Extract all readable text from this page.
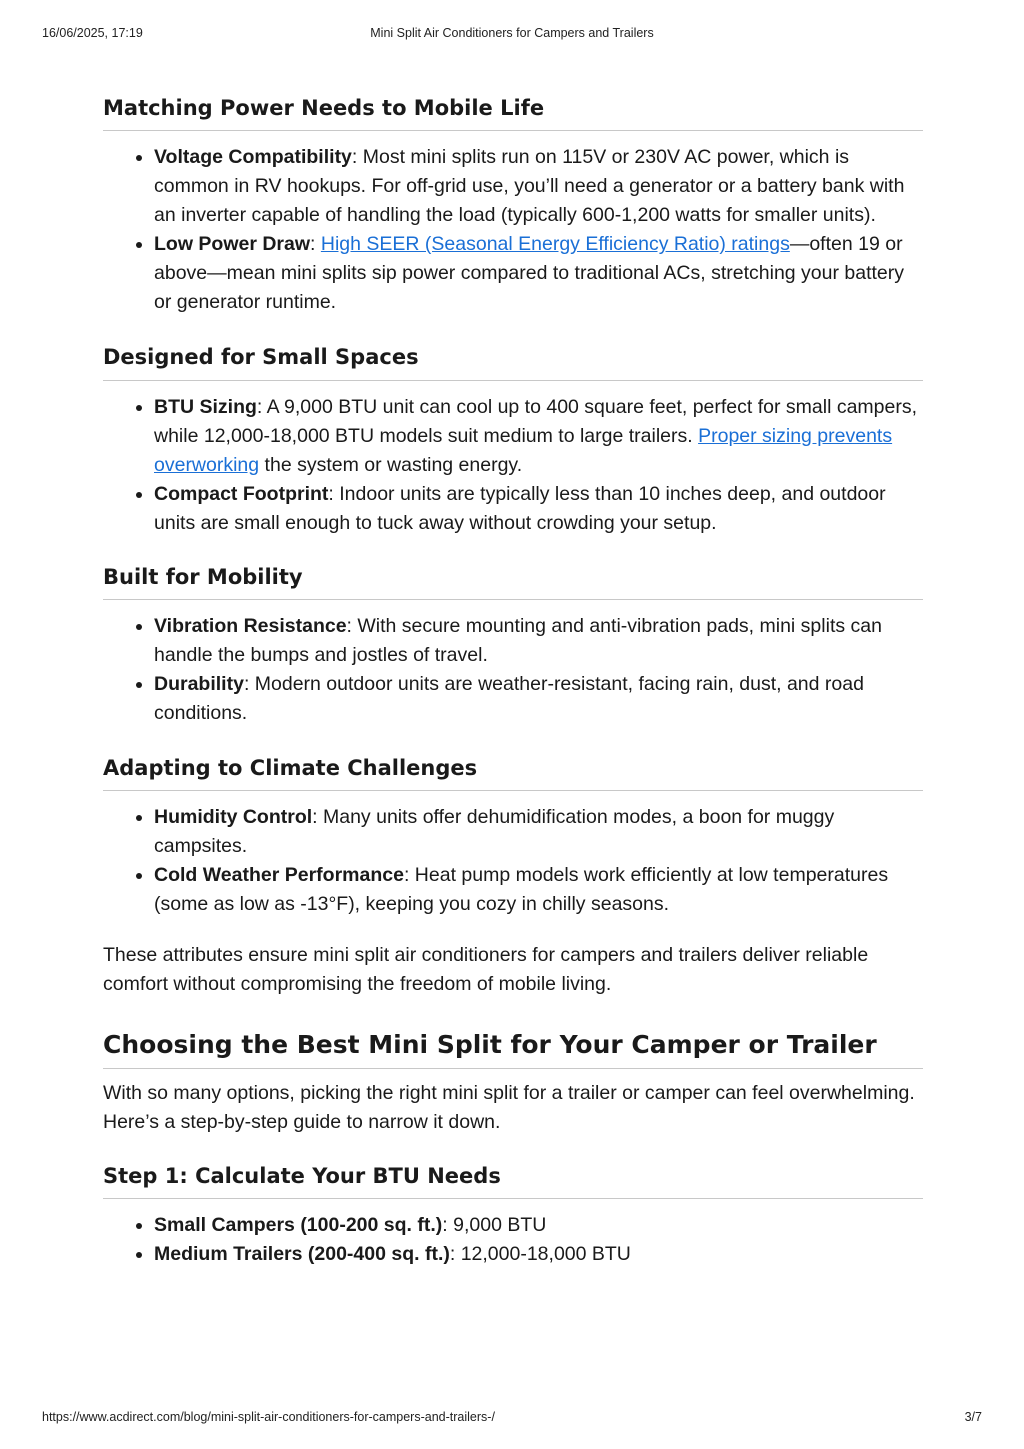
16/06/2025, 17:19	Mini Split Air Conditioners for Campers and Trailers
Matching Power Needs to Mobile Life
• Voltage Compatibility: Most mini splits run on 115V or 230V AC power, which is common in RV hookups. For off-grid use, you’ll need a generator or a battery bank with an inverter capable of handling the load (typically 600-1,200 watts for smaller units).
• Low Power Draw: High SEER (Seasonal Energy Efficiency Ratio) ratings—often 19 or above—mean mini splits sip power compared to traditional ACs, stretching your battery or generator runtime.
Designed for Small Spaces
• BTU Sizing: A 9,000 BTU unit can cool up to 400 square feet, perfect for small campers, while 12,000-18,000 BTU models suit medium to large trailers. Proper sizing prevents overworking the system or wasting energy.
• Compact Footprint: Indoor units are typically less than 10 inches deep, and outdoor units are small enough to tuck away without crowding your setup.
Built for Mobility
• Vibration Resistance: With secure mounting and anti-vibration pads, mini splits can handle the bumps and jostles of travel.
• Durability: Modern outdoor units are weather-resistant, facing rain, dust, and road conditions.
Adapting to Climate Challenges
• Humidity Control: Many units offer dehumidification modes, a boon for muggy campsites.
• Cold Weather Performance: Heat pump models work efficiently at low temperatures (some as low as -13°F), keeping you cozy in chilly seasons.

These attributes ensure mini split air conditioners for campers and trailers deliver reliable comfort without compromising the freedom of mobile living.

Choosing the Best Mini Split for Your Camper or Trailer

With so many options, picking the right mini split for a trailer or camper can feel overwhelming. Here’s a step-by-step guide to narrow it down.

Step 1: Calculate Your BTU Needs
• Small Campers (100-200 sq. ft.): 9,000 BTU
• Medium Trailers (200-400 sq. ft.): 12,000-18,000 BTU
https://www.acdirect.com/blog/mini-split-air-conditioners-for-campers-and-trailers-/	3/7
